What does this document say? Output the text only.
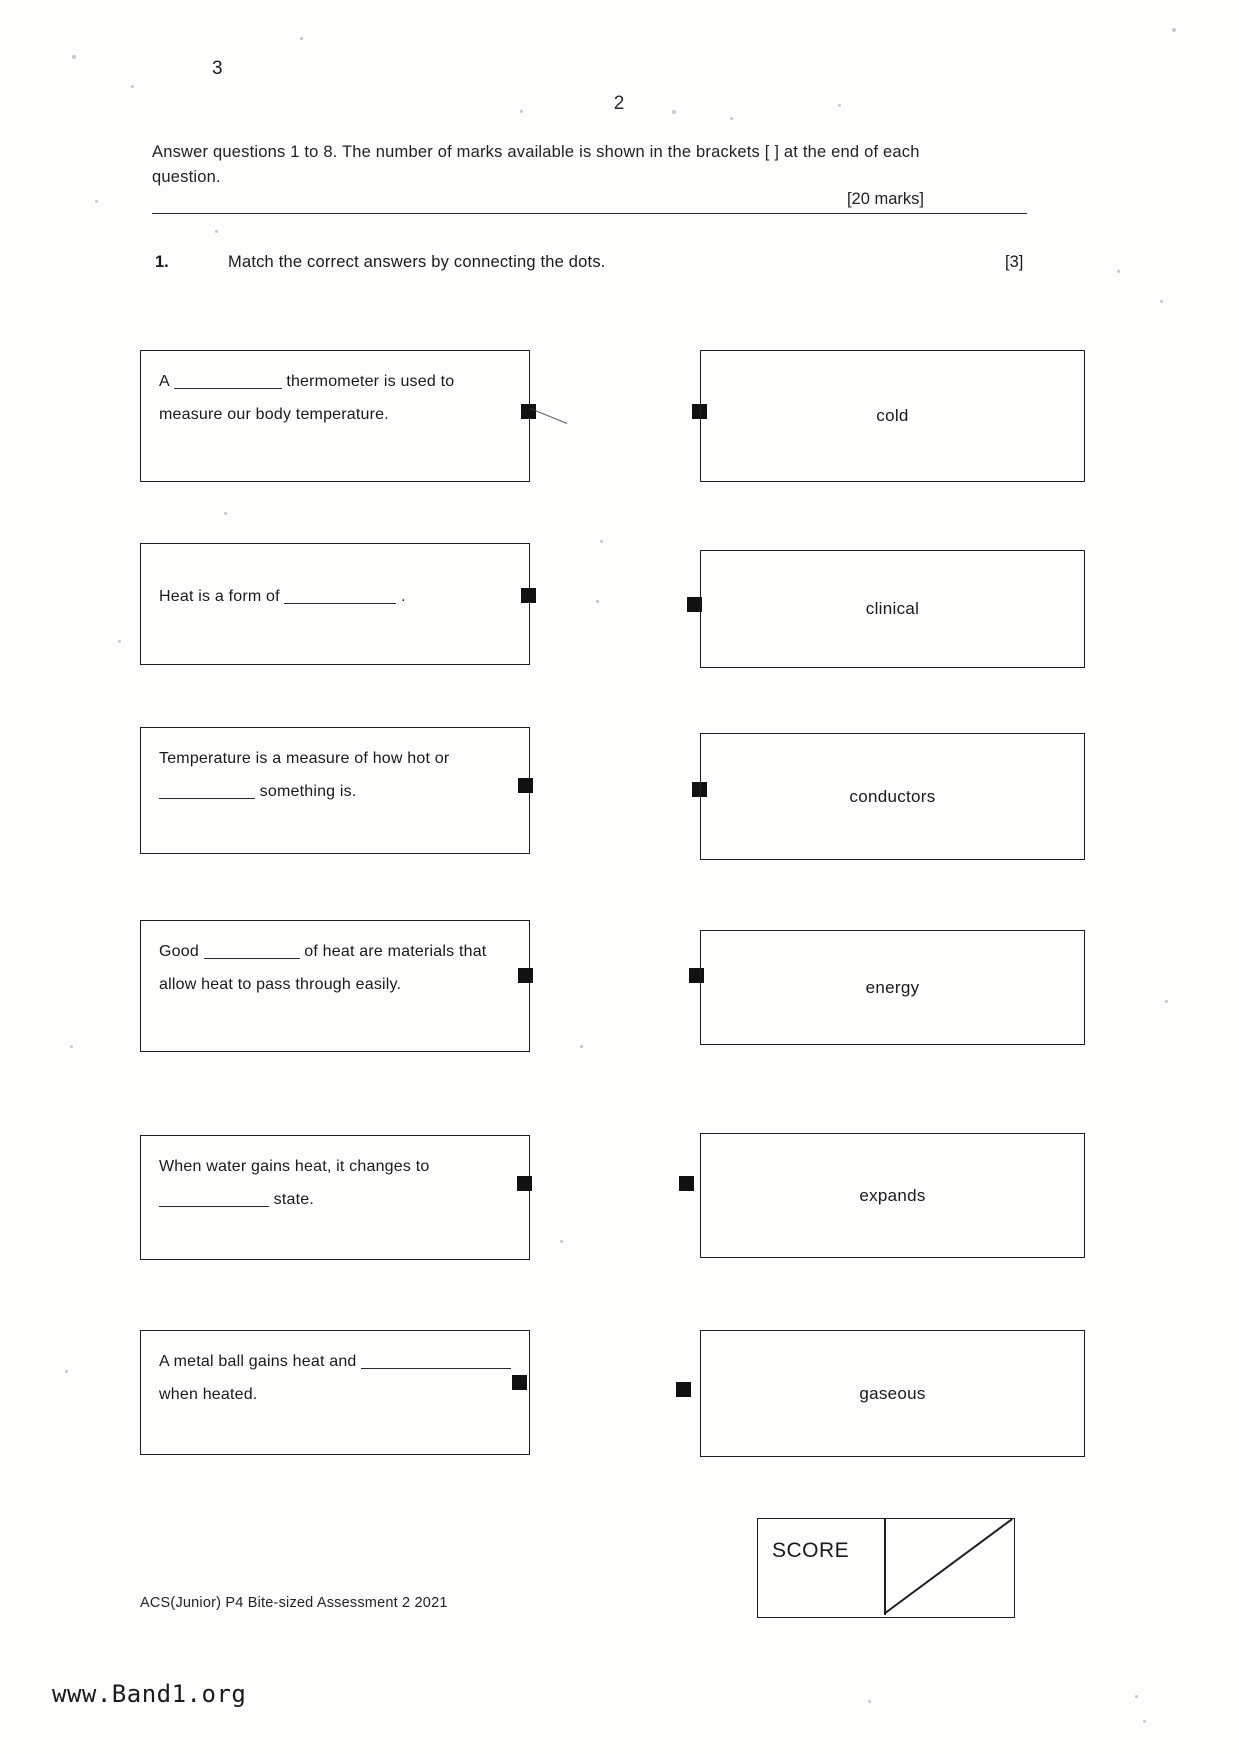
2
Answer questions 1 to 8. The number of marks available is shown in the brackets [ ] at the end of each question.
[20 marks]
1.	Match the correct answers by connecting the dots.	[3]
A	thermometer is used to measure our body temperature.	cold
Heat is a form of	.
clinical
Temperature is a measure of how hot or  something is.	conductors
Good	of heat are materials that allow heat to pass through easily.	energy
When water gains heat, it changes to  state.	expands
A metal ball gains heat and  when heated.	gaseous
SCORE
3
ACS(Junior) P4 Bite-sized Assessment 2 2021
www.Band1.org
